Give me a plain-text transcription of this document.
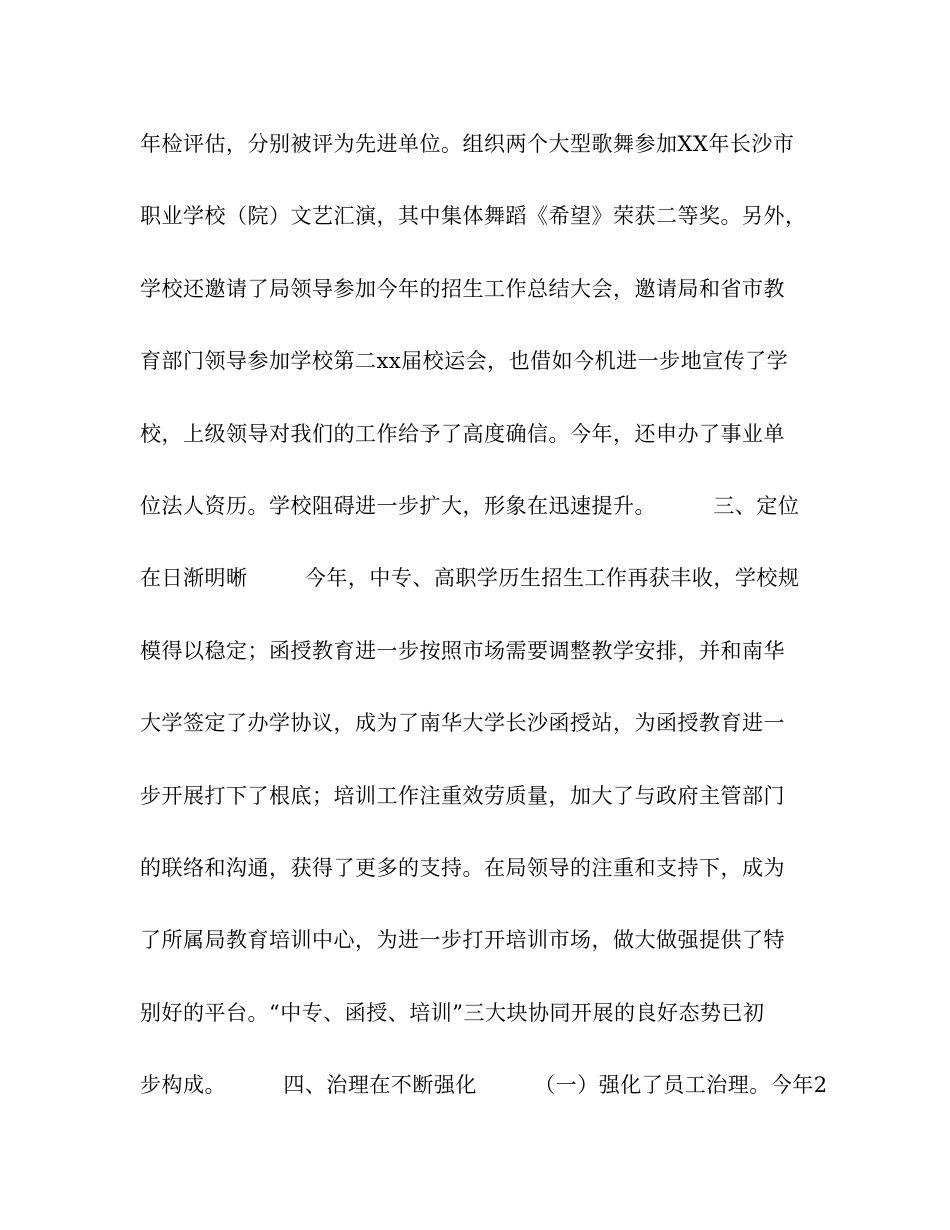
年检评估，分别被评为先进单位。组织两个大型歌舞参加XX年长沙市
职业学校（院）文艺汇演，其中集体舞蹈《希望》荣获二等奖。另外，
学校还邀请了局领导参加今年的招生工作总结大会，邀请局和省市教
育部门领导参加学校第二xx届校运会，也借如今机进一步地宣传了学
校，上级领导对我们的工作给予了高度确信。今年，还申办了事业单
位法人资历。学校阻碍进一步扩大，形象在迅速提升。        三、定位
在日渐明晰        今年，中专、高职学历生招生工作再获丰收，学校规
模得以稳定；函授教育进一步按照市场需要调整教学安排，并和南华
大学签定了办学协议，成为了南华大学长沙函授站，为函授教育进一
步开展打下了根底；培训工作注重效劳质量，加大了与政府主管部门
的联络和沟通，获得了更多的支持。在局领导的注重和支持下，成为
了所属局教育培训中心，为进一步打开培训市场，做大做强提供了特
别好的平台。“中专、函授、培训”三大块协同开展的良好态势已初
步构成。        四、治理在不断强化        （一）强化了员工治理。今年2
